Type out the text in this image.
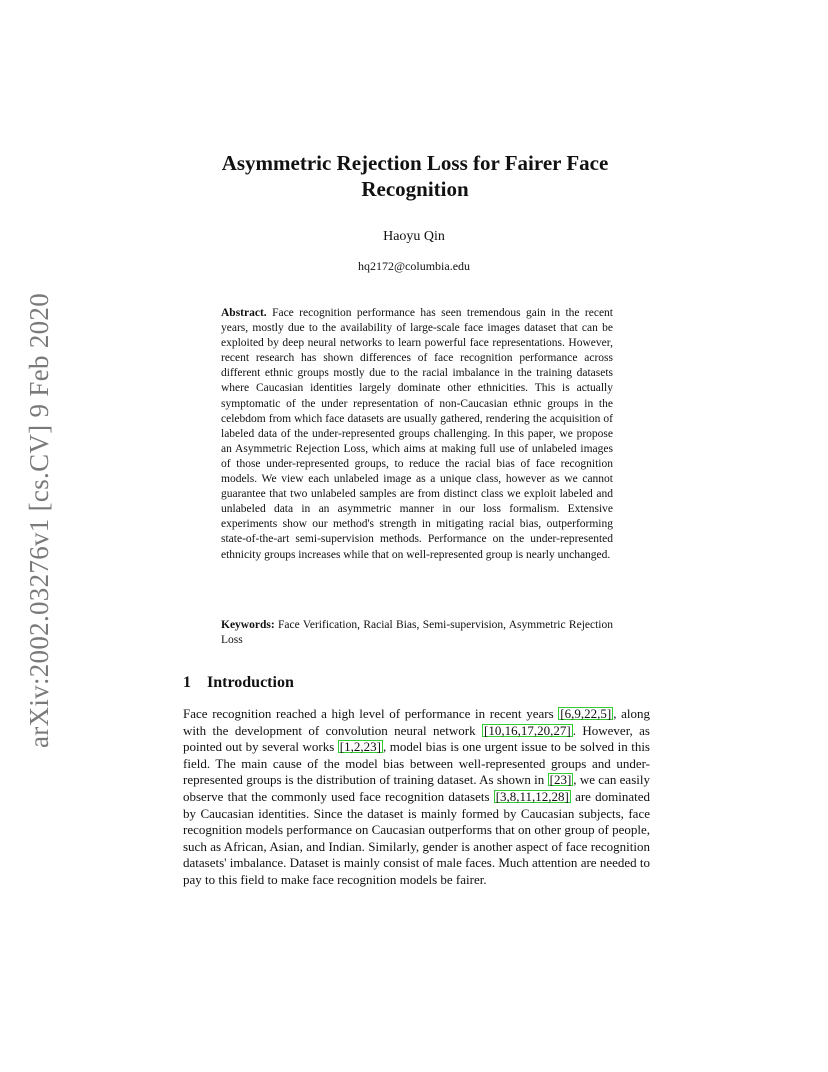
arXiv:2002.03276v1 [cs.CV] 9 Feb 2020
Asymmetric Rejection Loss for Fairer Face Recognition
Haoyu Qin
hq2172@columbia.edu
Abstract. Face recognition performance has seen tremendous gain in the recent years, mostly due to the availability of large-scale face images dataset that can be exploited by deep neural networks to learn powerful face representations. However, recent research has shown differences of face recognition performance across different ethnic groups mostly due to the racial imbalance in the training datasets where Caucasian identities largely dominate other ethnicities. This is actually symptomatic of the under representation of non-Caucasian ethnic groups in the celebdom from which face datasets are usually gathered, rendering the acquisition of labeled data of the under-represented groups challenging. In this paper, we propose an Asymmetric Rejection Loss, which aims at making full use of unlabeled images of those under-represented groups, to reduce the racial bias of face recognition models. We view each unlabeled image as a unique class, however as we cannot guarantee that two unlabeled samples are from distinct class we exploit labeled and unlabeled data in an asymmetric manner in our loss formalism. Extensive experiments show our method's strength in mitigating racial bias, outperforming state-of-the-art semi-supervision methods. Performance on the under-represented ethnicity groups increases while that on well-represented group is nearly unchanged.
Keywords: Face Verification, Racial Bias, Semi-supervision, Asymmetric Rejection Loss
1 Introduction
Face recognition reached a high level of performance in recent years [6,9,22,5] , along with the development of convolution neural network [10,16,17,20,27] . However, as pointed out by several works [1,2,23] , model bias is one urgent issue to be solved in this field. The main cause of the model bias between well-represented groups and under-represented groups is the distribution of training dataset. As shown in [23] , we can easily observe that the commonly used face recognition datasets [3,8,11,12,28] are dominated by Caucasian identities. Since the dataset is mainly formed by Caucasian subjects, face recognition models performance on Caucasian outperforms that on other group of people, such as African, Asian, and Indian. Similarly, gender is another aspect of face recognition datasets' imbalance. Dataset is mainly consist of male faces. Much attention are needed to pay to this field to make face recognition models be fairer.
